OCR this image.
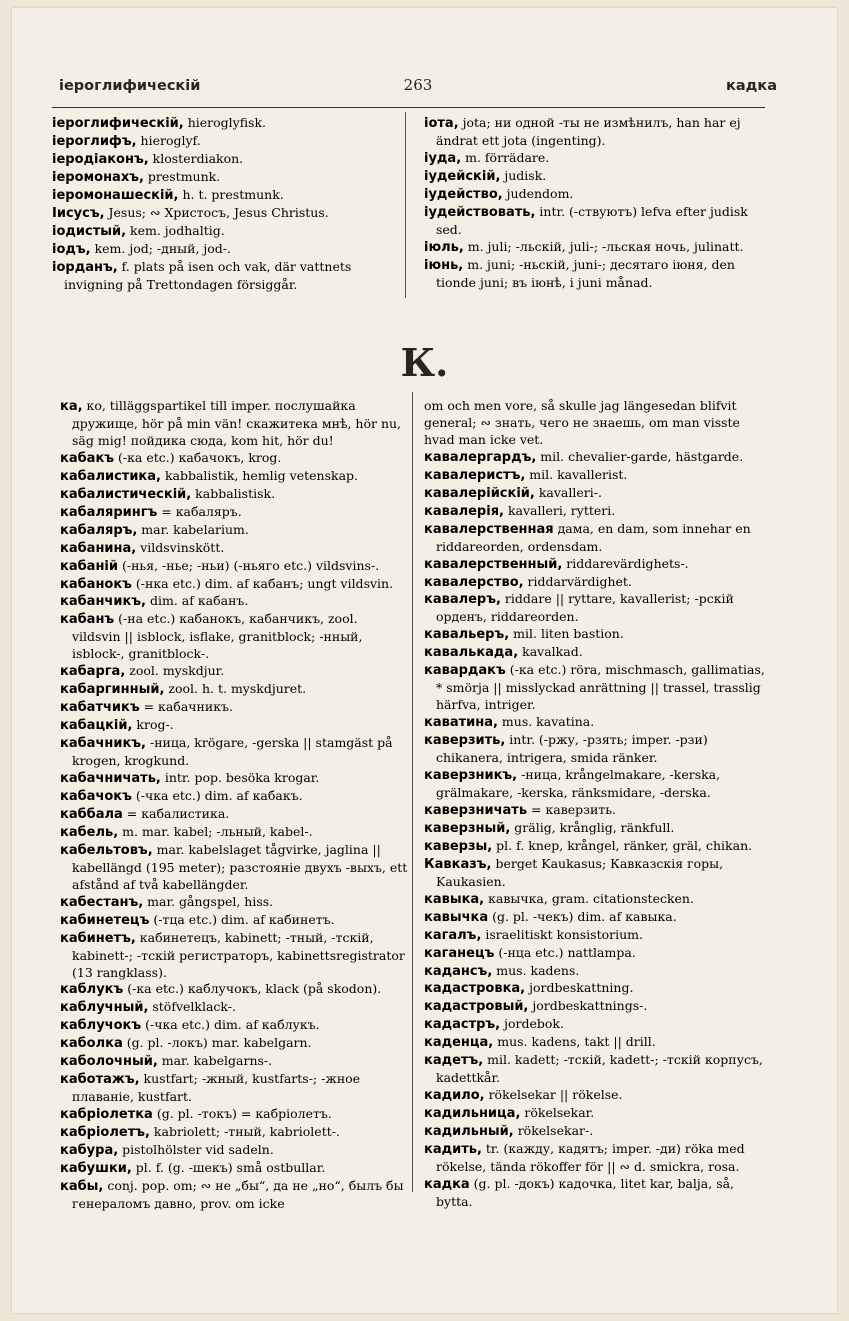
іероглифическій	263	кадка

іероглифическій, hieroglyfisk.

іероглифъ, hieroglyf.

іеродіаконъ, klosterdiakon.

іеромонахъ, prestmunk.

іеромонашескій, h. t. prestmunk.

Іисусъ, Jesus; ∾ Христосъ, Jesus Christus.

іодистый, kem. jodhaltig.

іодъ, kem. jod; -дный, jod-.

іорданъ, f. plats på isen och vak, där vattnets invigning på Trettondagen försiggår.

іота, jota; ни одной -ты не измѣнилъ, han har ej ändrat ett jota (ingenting).

іуда, m. förrädare.

іудейскій, judisk.

іудейство, judendom.

іудействовать, intr. (-ствуютъ) lefva efter judisk sed.

іюль, m. juli; -льскій, juli-; -льская ночь, julinatt.

іюнь, m. juni; -ньскій, juni-; десятаго іюня, den tionde juni; въ іюнѣ, i juni månad.

К.

ка, ко, tilläggspartikel till imper. послушайка дружище, hör på min vän! скажитека мнѣ, hör nu, säg mig! пойдика сюда, kom hit, hör du!

кабакъ (-ка etc.) кабачокъ, krog.

кабалистика, kabbalistik, hemlig vetenskap.

кабалистическій, kabbalistisk.

кабалярингъ = кабаляръ.

кабаляръ, mar. kabelarium.

кабанина, vildsvinskött.

кабаній (-нья, -нье; -ньи) (-ньяго etc.) vildsvins-.

кабанокъ (-нка etc.) dim. af кабанъ; ungt vildsvin.

кабанчикъ, dim. af кабанъ.

кабанъ (-на etc.) кабанокъ, кабанчикъ, zool. vildsvin || isblock, isflake, granitblock; -нный, isblock-, granitblock-.

кабарга, zool. myskdjur.

кабаргинный, zool. h. t. myskdjuret.

кабатчикъ = кабачникъ.

кабацкій, krog-.

кабачникъ, -ница, krögare, -gerska || stamgäst på krogen, krogkund.

кабачничать, intr. pop. besöka krogar.

кабачокъ (-чка etc.) dim. af кабакъ.

каббала = кабалистика.

кабель, m. mar. kabel; -льный, kabel-.

кабельтовъ, mar. kabelslaget tågvirke, jaglina || kabellängd (195 meter); разстояніе двухъ -выхъ, ett afstånd af två kabellängder.

кабестанъ, mar. gångspel, hiss.

кабинетецъ (-тца etc.) dim. af кабинетъ.

кабинетъ, кабинетецъ, kabinett; -тный, -тскій, kabinett-; -тскій регистраторъ, kabinettsregistrator (13 rangklass).

каблукъ (-ка etc.) каблучокъ, klack (på skodon).

каблучный, stöfvelklack-.

каблучокъ (-чка etc.) dim. af каблукъ.

каболка (g. pl. -локъ) mar. kabelgarn.

каболочный, mar. kabelgarns-.

каботажъ, kustfart; -жный, kustfarts-; -жное плаваніе, kustfart.

кабріолетка (g. pl. -токъ) = кабріолетъ.

кабріолетъ, kabriolett; -тный, kabriolett-.

кабура, pistolhölster vid sadeln.

кабушки, pl. f. (g. -шекъ) små ostbullar.

кабы, conj. pop. om; ∾ не „бы“, да не „но“, былъ бы генераломъ давно, prov. om icke

om och men vore, så skulle jag längesedan blifvit general; ∾ знать, чего не знаешь, om man visste hvad man icke vet.

кавалергардъ, mil. chevalier-garde, hästgarde.

кавалеристъ, mil. kavallerist.

кавалерійскій, kavalleri-.

кавалерія, kavalleri, rytteri.

кавалерственная дама, en dam, som innehar en riddareorden, ordensdam.

кавалерственный, riddarevärdighets-.

кавалерство, riddarvärdighet.

кавалеръ, riddare || ryttare, kavallerist; -рскій орденъ, riddareorden.

кавальеръ, mil. liten bastion.

кавалькада, kavalkad.

кавардакъ (-ка etc.) röra, mischmasch, gallimatias, * smörja || misslyckad anrättning || trassel, trasslig härfva, intriger.

каватина, mus. kavatina.

каверзить, intr. (-ржу, -рзять; imper. -рзи) chikanera, intrigera, smida ränker.

каверзникъ, -ница, krångelmakare, -kerska, grälmakare, -kerska, ränksmidare, -derska.

каверзничать = каверзить.

каверзный, grälig, krånglig, ränkfull.

каверзы, pl. f. knep, krångel, ränker, gräl, chikan.

Кавказъ, berget Kaukasus; Кавказскія горы, Kaukasien.

кавыка, кавычка, gram. citationstecken.

кавычка (g. pl. -чекъ) dim. af кавыка.

кагалъ, israelitiskt konsistorium.

каганецъ (-нца etc.) nattlampa.

кадансъ, mus. kadens.

кадастровка, jordbeskattning.

кадастровый, jordbeskattnings-.

кадастръ, jordebok.

каденца, mus. kadens, takt || drill.

кадетъ, mil. kadett; -тскій, kadett-; -тскій корпусъ, kadettkår.

кадило, rökelsekar || rökelse.

кадильница, rökelsekar.

кадильный, rökelsekar-.

кадить, tr. (кажду, кадятъ; imper. -ди) röka med rökelse, tända rökoffer för || ∾ d. smickra, rosa.

кадка (g. pl. -докъ) кадочка, litet kar, balja, så, bytta.
